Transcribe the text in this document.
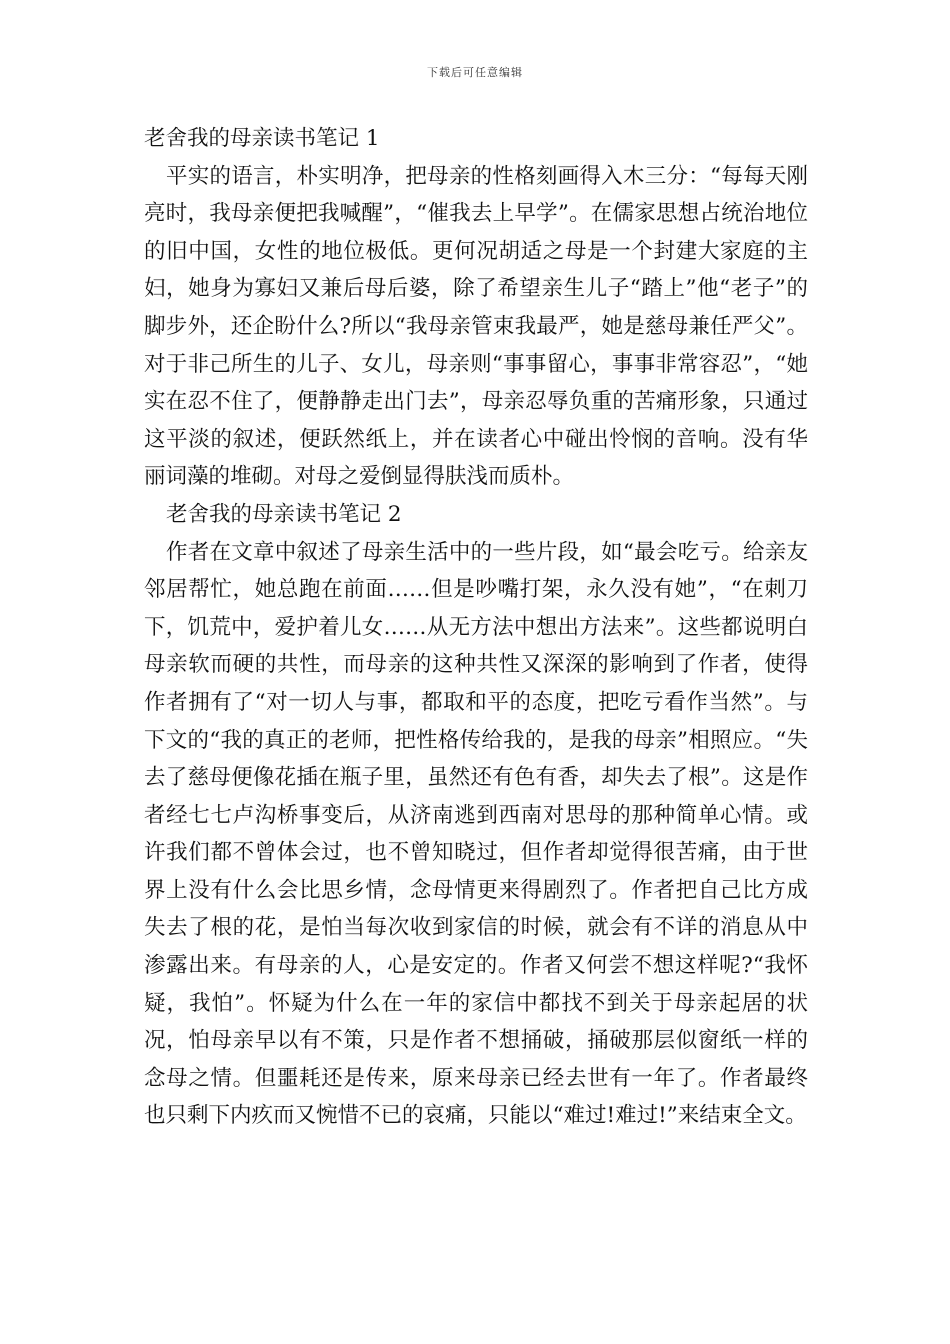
下载后可任意编辑
老舍我的母亲读书笔记 1

平实的语言，朴实明净，把母亲的性格刻画得入木三分：“每每天刚亮时，我母亲便把我喊醒”，“催我去上早学”。在儒家思想占统治地位的旧中国，女性的地位极低。更何况胡适之母是一个封建大家庭的主妇，她身为寡妇又兼后母后婆，除了希望亲生儿子“踏上”他“老子”的脚步外，还企盼什么?所以“我母亲管束我最严，她是慈母兼任严父”。对于非己所生的儿子、女儿，母亲则“事事留心，事事非常容忍”，“她实在忍不住了，便静静走出门去”，母亲忍辱负重的苦痛形象，只通过这平淡的叙述，便跃然纸上，并在读者心中碰出怜悯的音响。没有华丽词藻的堆砌。对母之爱倒显得肤浅而质朴。

老舍我的母亲读书笔记 2

作者在文章中叙述了母亲生活中的一些片段，如“最会吃亏。给亲友邻居帮忙，她总跑在前面……但是吵嘴打架，永久没有她”，“在刺刀下，饥荒中，爱护着儿女……从无方法中想出方法来”。这些都说明白母亲软而硬的共性，而母亲的这种共性又深深的影响到了作者，使得作者拥有了“对一切人与事，都取和平的态度，把吃亏看作当然”。与下文的“我的真正的老师，把性格传给我的，是我的母亲”相照应。“失去了慈母便像花插在瓶子里，虽然还有色有香，却失去了根”。这是作者经七七卢沟桥事变后，从济南逃到西南对思母的那种简单心情。或许我们都不曾体会过，也不曾知晓过，但作者却觉得很苦痛，由于世界上没有什么会比思乡情，念母情更来得剧烈了。作者把自己比方成失去了根的花，是怕当每次收到家信的时候，就会有不详的消息从中渗露出来。有母亲的人，心是安定的。作者又何尝不想这样呢?“我怀疑，我怕”。怀疑为什么在一年的家信中都找不到关于母亲起居的状况，怕母亲早以有不策，只是作者不想捅破，捅破那层似窗纸一样的念母之情。但噩耗还是传来，原来母亲已经去世有一年了。作者最终也只剩下内疚而又惋惜不已的哀痛，只能以“难过!难过!”来结束全文。
